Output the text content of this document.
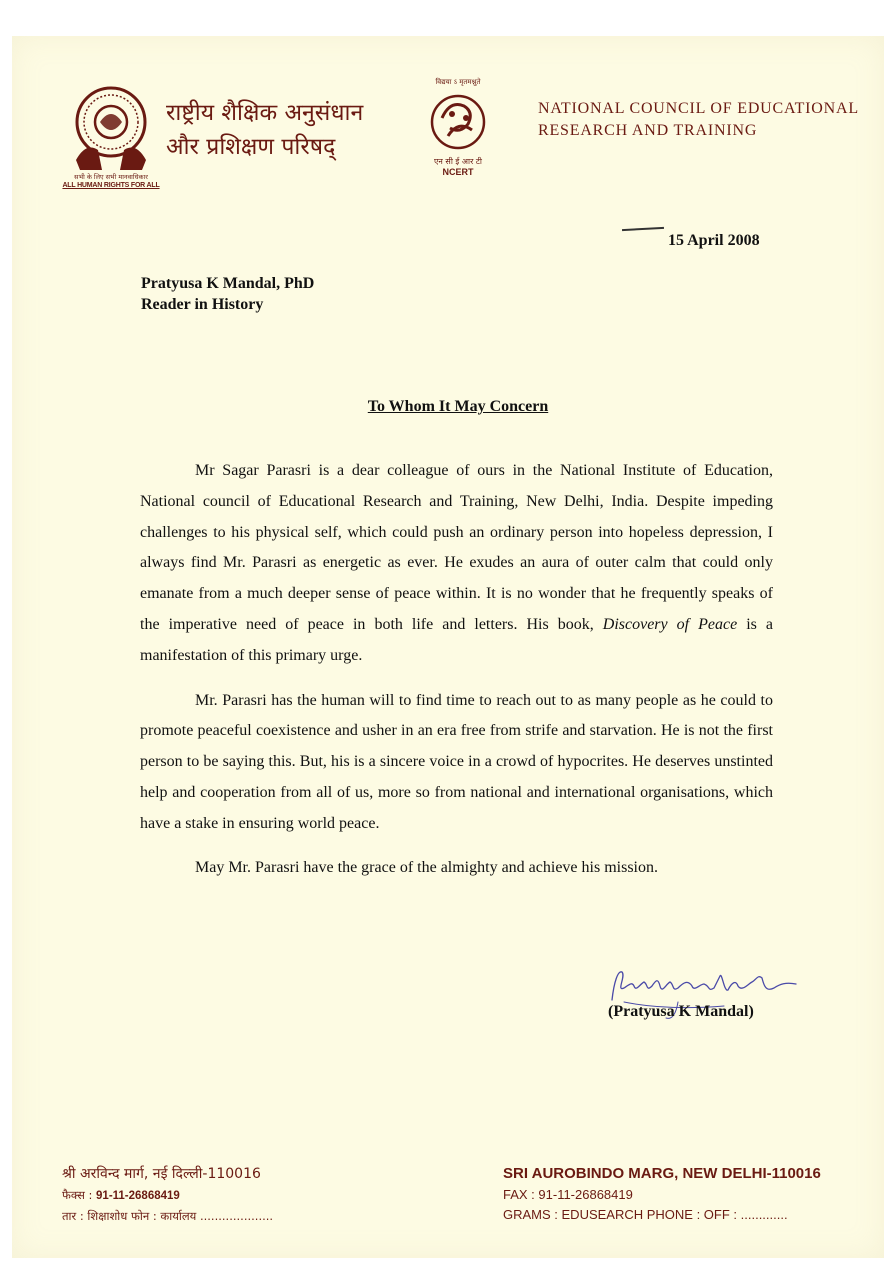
सभी के लिए सभी मानवाधिकार
ALL HUMAN RIGHTS FOR ALL
राष्ट्रीय शैक्षिक अनुसंधान
और प्रशिक्षण परिषद्
विद्यया ऽ मृतमश्नुते
एन सी ई आर टी
NCERT
NATIONAL COUNCIL OF EDUCATIONAL
RESEARCH AND TRAINING
15 April 2008
Pratyusa K Mandal, PhD
Reader in History
To Whom It May Concern

Mr Sagar Parasri is a dear colleague of ours in the National Institute of Education, National council of Educational Research and Training, New Delhi, India. Despite impeding challenges to his physical self, which could push an ordinary person into hopeless depression, I always find Mr. Parasri as energetic as ever. He exudes an aura of outer calm that could only emanate from a much deeper sense of peace within. It is no wonder that he frequently speaks of the imperative need of peace in both life and letters. His book, Discovery of Peace is a manifestation of this primary urge.

Mr. Parasri has the human will to find time to reach out to as many people as he could to promote peaceful coexistence and usher in an era free from strife and starvation. He is not the first person to be saying this. But, his is a sincere voice in a crowd of hypocrites. He deserves unstinted help and cooperation from all of us, more so from national and international organisations, which have a stake in ensuring world peace.

May Mr. Parasri have the grace of the almighty and achieve his mission.

(Pratyusa K Mandal)
श्री अरविन्द मार्ग, नई दिल्ली-110016
फैक्स : 91-11-26868419
तार : शिक्षाशोध फोन : कार्यालय ....................
SRI AUROBINDO MARG, NEW DELHI-110016
FAX : 91-11-26868419
GRAMS : EDUSEARCH PHONE : OFF : .............
